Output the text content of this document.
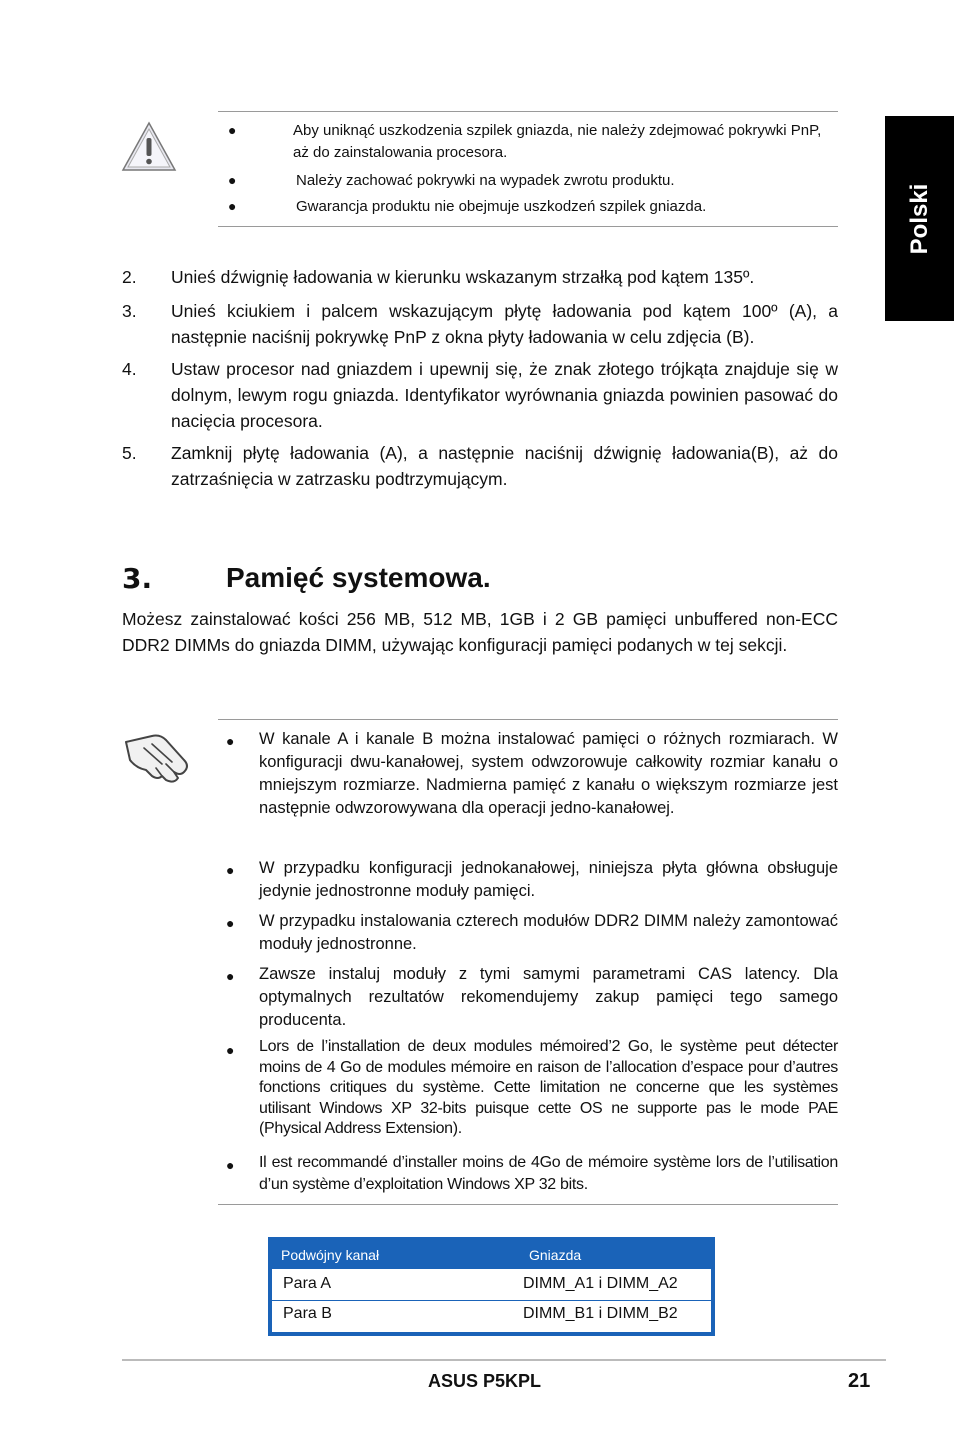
Polski
●	Aby uniknąć uszkodzenia szpilek gniazda, nie należy zdejmować pokrywki PnP, aż do zainstalowania procesora.
●	Należy zachować pokrywki na wypadek zwrotu produktu.
●	Gwarancja produktu nie obejmuje uszkodzeń szpilek gniazda.
2. Unieś dźwignię ładowania w kierunku wskazanym strzałką pod kątem 135º.
3. Unieś kciukiem i palcem wskazującym płytę ładowania pod kątem 100º (A), a następnie naciśnij pokrywkę PnP z okna płyty ładowania w celu zdjęcia (B).
4. Ustaw procesor nad gniazdem i upewnij się, że znak złotego trójkąta znajduje się w dolnym, lewym rogu gniazda. Identyfikator wyrównania gniazda powinien pasować do nacięcia procesora.
5. Zamknij płytę ładowania (A), a następnie naciśnij dźwignię ładowania(B), aż do zatrzaśnięcia w zatrzasku podtrzymującym.
3.	Pamięć systemowa.
Możesz zainstalować kości 256 MB, 512 MB, 1GB i 2 GB pamięci unbuffered non-ECC DDR2 DIMMs do gniazda DIMM, używając konfiguracji pamięci podanych w tej sekcji.
● W kanale A i kanale B można instalować pamięci o różnych rozmiarach. W konfiguracji dwu-kanałowej, system odwzorowuje całkowity rozmiar kanału o mniejszym rozmiarze. Nadmierna pamięć z kanału o większym rozmiarze jest następnie odwzorowywana dla operacji jedno-kanałowej.
● W przypadku konfiguracji jednokanałowej, niniejsza płyta główna obsługuje jedynie jednostronne moduły pamięci.
● W przypadku instalowania czterech modułów DDR2 DIMM należy zamontować moduły jednostronne.
● Zawsze instaluj moduły z tymi samymi parametrami CAS latency. Dla optymalnych rezultatów rekomendujemy zakup pamięci tego samego producenta.
● Lors de l’installation de deux modules mémoired’2 Go, le système peut détecter moins de 4 Go de modules mémoire en raison de l’allocation d’espace pour d’autres fonctions critiques du système. Cette limitation ne concerne que les systèmes utilisant Windows XP 32-bits puisque cette OS ne supporte pas le mode PAE (Physical Address Extension).
● Il est recommandé d’installer moins de 4Go de mémoire système lors de l’utilisation d’un système d’exploitation Windows XP 32 bits.
Podwójny kanał	Gniazda
Para A	DIMM_A1 i DIMM_A2
Para B	DIMM_B1 i DIMM_B2
ASUS P5KPL	21
